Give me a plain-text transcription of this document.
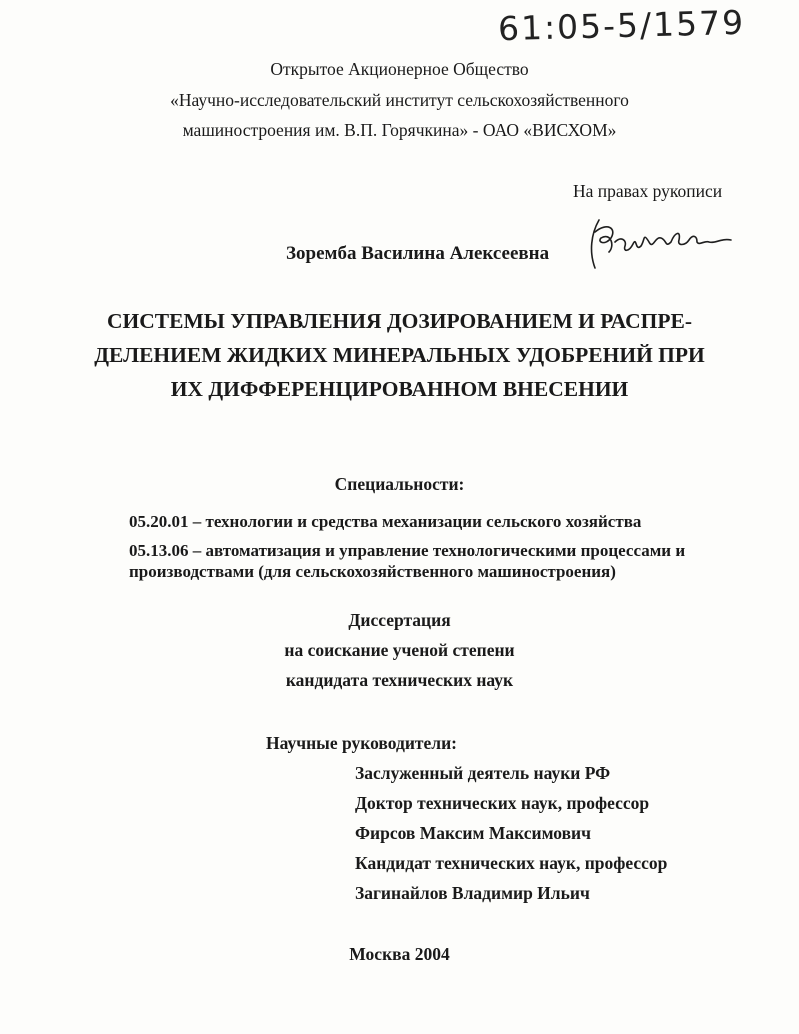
61:05-5/1579
Открытое Акционерное Общество
«Научно-исследовательский институт сельскохозяйственного
машиностроения им. В.П. Горячкина» - ОАО «ВИСХОМ»
На правах рукописи
Зоремба Василина Алексеевна
СИСТЕМЫ УПРАВЛЕНИЯ ДОЗИРОВАНИЕМ И РАСПРЕ-
ДЕЛЕНИЕМ ЖИДКИХ МИНЕРАЛЬНЫХ УДОБРЕНИЙ ПРИ
ИХ ДИФФЕРЕНЦИРОВАННОМ ВНЕСЕНИИ
Специальности:
05.20.01 – технологии и средства механизации сельского хозяйства
05.13.06 – автоматизация и управление технологическими процессами и
производствами (для сельскохозяйственного машиностроения)
Диссертация
на соискание ученой степени
кандидата технических наук
Научные руководители:
Заслуженный деятель науки РФ
Доктор технических наук, профессор
Фирсов Максим Максимович
Кандидат технических наук, профессор
Загинайлов Владимир Ильич
Москва 2004
